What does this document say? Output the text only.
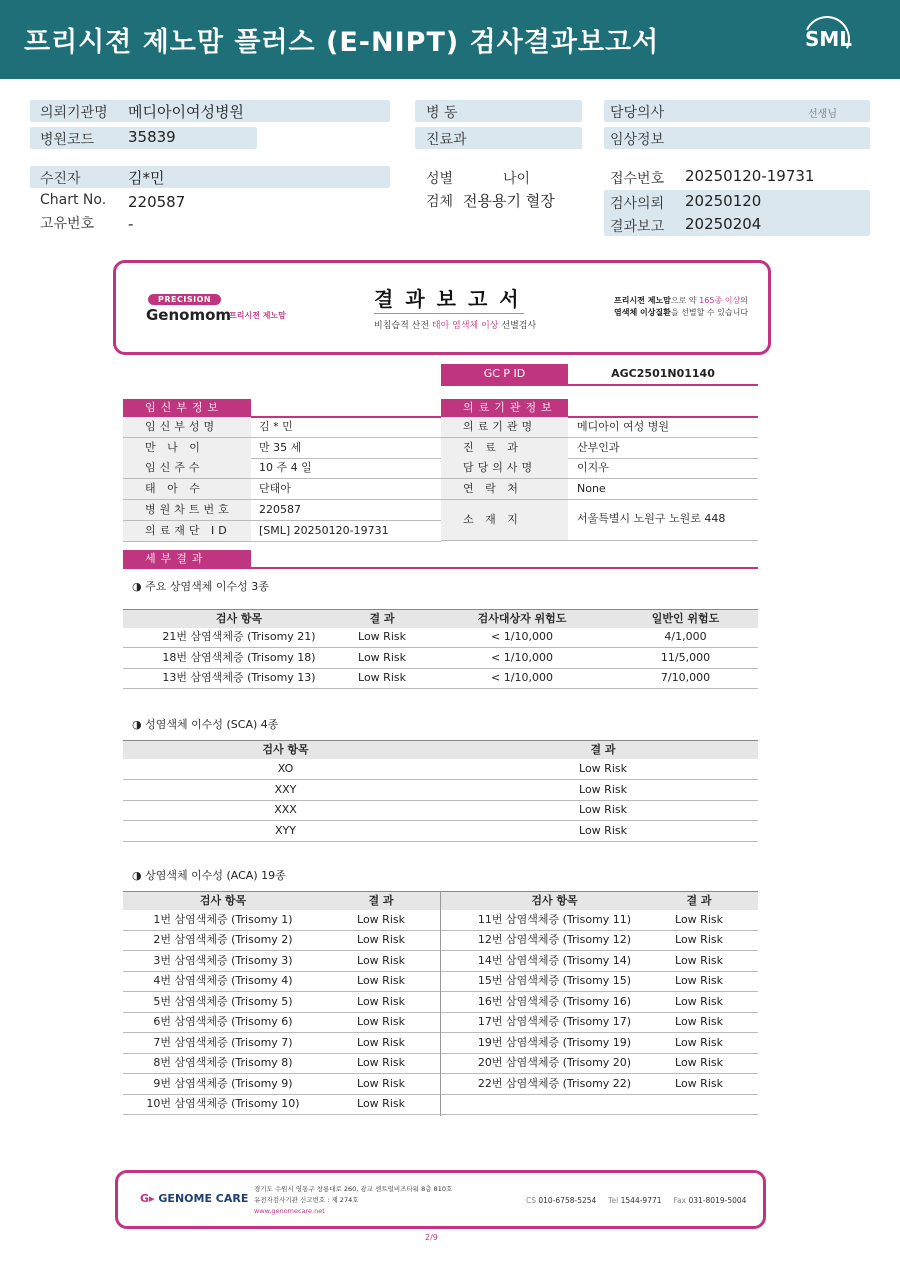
프리시젼 제노맘 플러스 (E-NIPT) 검사결과보고서	SML
의뢰기관명 메디아이여성병원
병원코드 35839
병 동
진료과
담당의사	선생님
임상정보
수진자	김*민
Chart No. 220587
고유번호 -
성별	나이
검체 전용용기 혈장
접수번호 20250120-19731
검사의뢰 20250120
결과보고 20250204
PRECISION
Genomom
프리시젼 제노맘
결과보고서
비침습적 산전 태아 염색체 이상 선별검사
프리시젼 제노맘으로 약 165종 이상의
염색체 이상질환을 선별할 수 있습니다
GC P ID	AGC2501N01140
임신부정보
임신부성명	김 * 민
만 나 이	만 35 세
임신주수	10 주 4 일
태 아 수	단태아
병원차트번호	220587
의료재단 ID	[SML] 20250120-19731
의료기관정보
의료기관명	메디아이 여성 병원
진 료 과	산부인과
담당의사명	이지우
연 락 처	None
소 재 지	서울특별시 노원구 노원로 448
세부결과
◑ 주요 상염색체 이수성 3종
검사 항목	결 과	검사대상자 위험도	일반인 위험도
21번 삼염색체증 (Trisomy 21)	Low Risk	< 1/10,000	4/1,000
18번 삼염색체증 (Trisomy 18)	Low Risk	< 1/10,000	11/5,000
13번 삼염색체증 (Trisomy 13)	Low Risk	< 1/10,000	7/10,000
◑ 성염색체 이수성 (SCA) 4종
검사 항목	결 과
XO	Low Risk
XXY	Low Risk
XXX	Low Risk
XYY	Low Risk
◑ 상염색체 이수성 (ACA) 19종
검사 항목	결 과	검사 항목	결 과
1번 삼염색체증 (Trisomy 1)	Low Risk	11번 삼염색체증 (Trisomy 11)	Low Risk
2번 삼염색체증 (Trisomy 2)	Low Risk	12번 삼염색체증 (Trisomy 12)	Low Risk
3번 삼염색체증 (Trisomy 3)	Low Risk	14번 삼염색체증 (Trisomy 14)	Low Risk
4번 삼염색체증 (Trisomy 4)	Low Risk	15번 삼염색체증 (Trisomy 15)	Low Risk
5번 삼염색체증 (Trisomy 5)	Low Risk	16번 삼염색체증 (Trisomy 16)	Low Risk
6번 삼염색체증 (Trisomy 6)	Low Risk	17번 삼염색체증 (Trisomy 17)	Low Risk
7번 삼염색체증 (Trisomy 7)	Low Risk	19번 삼염색체증 (Trisomy 19)	Low Risk
8번 삼염색체증 (Trisomy 8)	Low Risk	20번 삼염색체증 (Trisomy 20)	Low Risk
9번 삼염색체증 (Trisomy 9)	Low Risk	22번 삼염색체증 (Trisomy 22)	Low Risk
10번 삼염색체증 (Trisomy 10)	Low Risk
G▸ GENOME CARE
경기도 수원시 영통구 창룡대로 260, 광교 센트럴비즈타워 8층 810호
유전자검사기관 신고번호 : 제 274호
www.genomecare.net
CS 010-6758-5254 Tel 1544-9771 Fax 031-8019-5004
2/9
